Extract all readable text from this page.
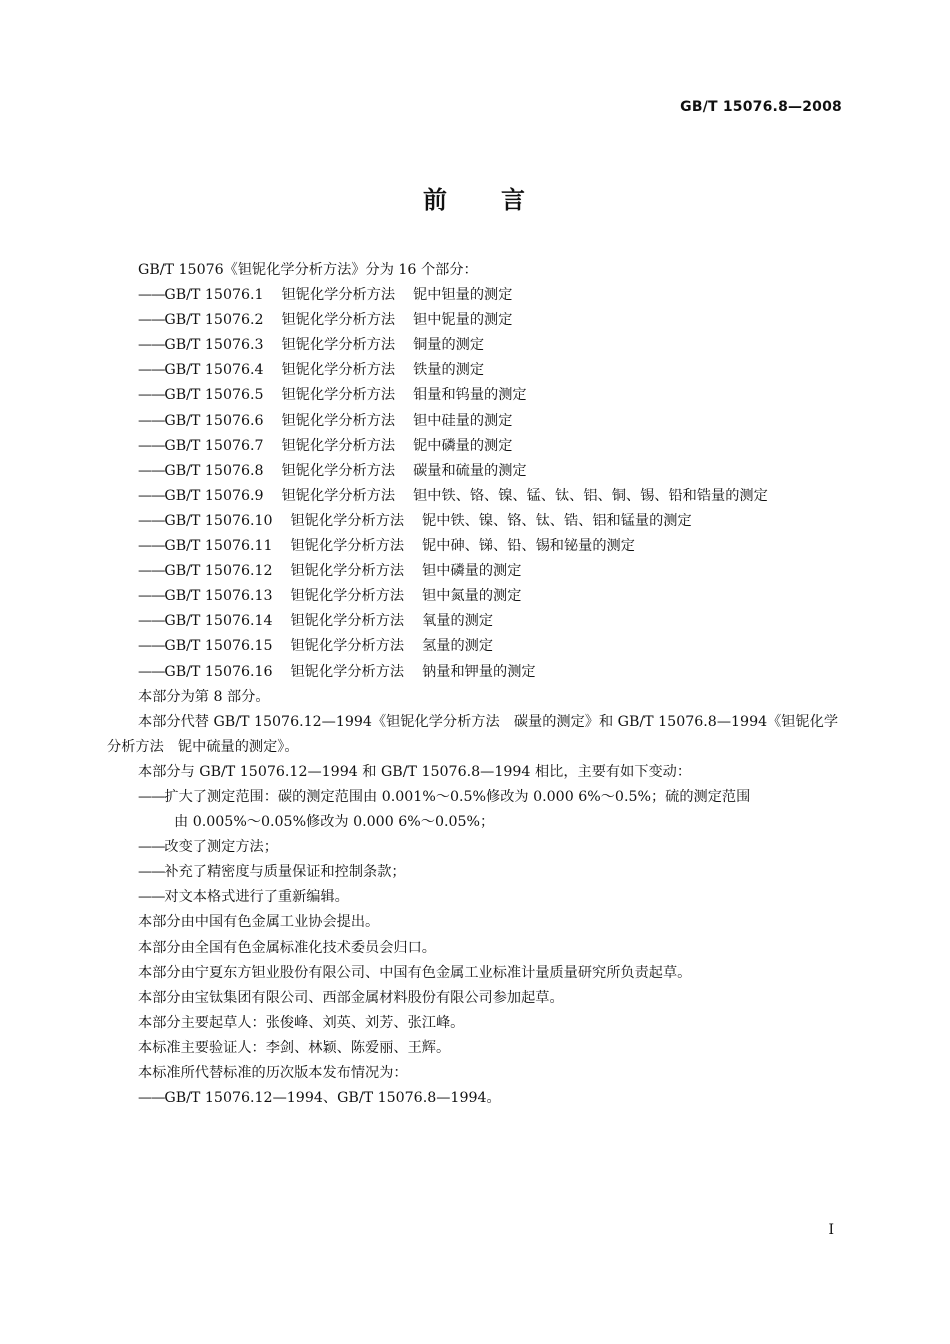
GB/T 15076.8—2008
前 言
GB/T 15076《钽铌化学分析方法》分为 16 个部分：
—— GB/T 15076.1 钽铌化学分析方法 铌中钽量的测定
—— GB/T 15076.2 钽铌化学分析方法 钽中铌量的测定
—— GB/T 15076.3 钽铌化学分析方法 铜量的测定
—— GB/T 15076.4 钽铌化学分析方法 铁量的测定
—— GB/T 15076.5 钽铌化学分析方法 钼量和钨量的测定
—— GB/T 15076.6 钽铌化学分析方法 钽中硅量的测定
—— GB/T 15076.7 钽铌化学分析方法 铌中磷量的测定
—— GB/T 15076.8 钽铌化学分析方法 碳量和硫量的测定
—— GB/T 15076.9 钽铌化学分析方法 钽中铁、铬、镍、锰、钛、铝、铜、锡、铅和锆量的测定
—— GB/T 15076.10 钽铌化学分析方法 铌中铁、镍、铬、钛、锆、铝和锰量的测定
—— GB/T 15076.11 钽铌化学分析方法 铌中砷、锑、铅、锡和铋量的测定
—— GB/T 15076.12 钽铌化学分析方法 钽中磷量的测定
—— GB/T 15076.13 钽铌化学分析方法 钽中氮量的测定
—— GB/T 15076.14 钽铌化学分析方法 氧量的测定
—— GB/T 15076.15 钽铌化学分析方法 氢量的测定
—— GB/T 15076.16 钽铌化学分析方法 钠量和钾量的测定
本部分为第 8 部分。
本部分代替 GB/T 15076.12—1994《钽铌化学分析方法　碳量的测定》和 GB/T 15076.8—1994《钽铌化学分析方法　铌中硫量的测定》。
本部分与 GB/T 15076.12—1994 和 GB/T 15076.8—1994 相比，主要有如下变动：
—— 扩大了测定范围：碳的测定范围由 0.001%～0.5%修改为 0.000 6%～0.5%；硫的测定范围
由 0.005%～0.05%修改为 0.000 6%～0.05%；
—— 改变了测定方法；
—— 补充了精密度与质量保证和控制条款；
—— 对文本格式进行了重新编辑。
本部分由中国有色金属工业协会提出。
本部分由全国有色金属标准化技术委员会归口。
本部分由宁夏东方钽业股份有限公司、中国有色金属工业标准计量质量研究所负责起草。
本部分由宝钛集团有限公司、西部金属材料股份有限公司参加起草。
本部分主要起草人：张俊峰、刘英、刘芳、张江峰。
本标准主要验证人：李剑、林颖、陈爱丽、王辉。
本标准所代替标准的历次版本发布情况为：
—— GB/T 15076.12—1994、GB/T 15076.8—1994。
I
